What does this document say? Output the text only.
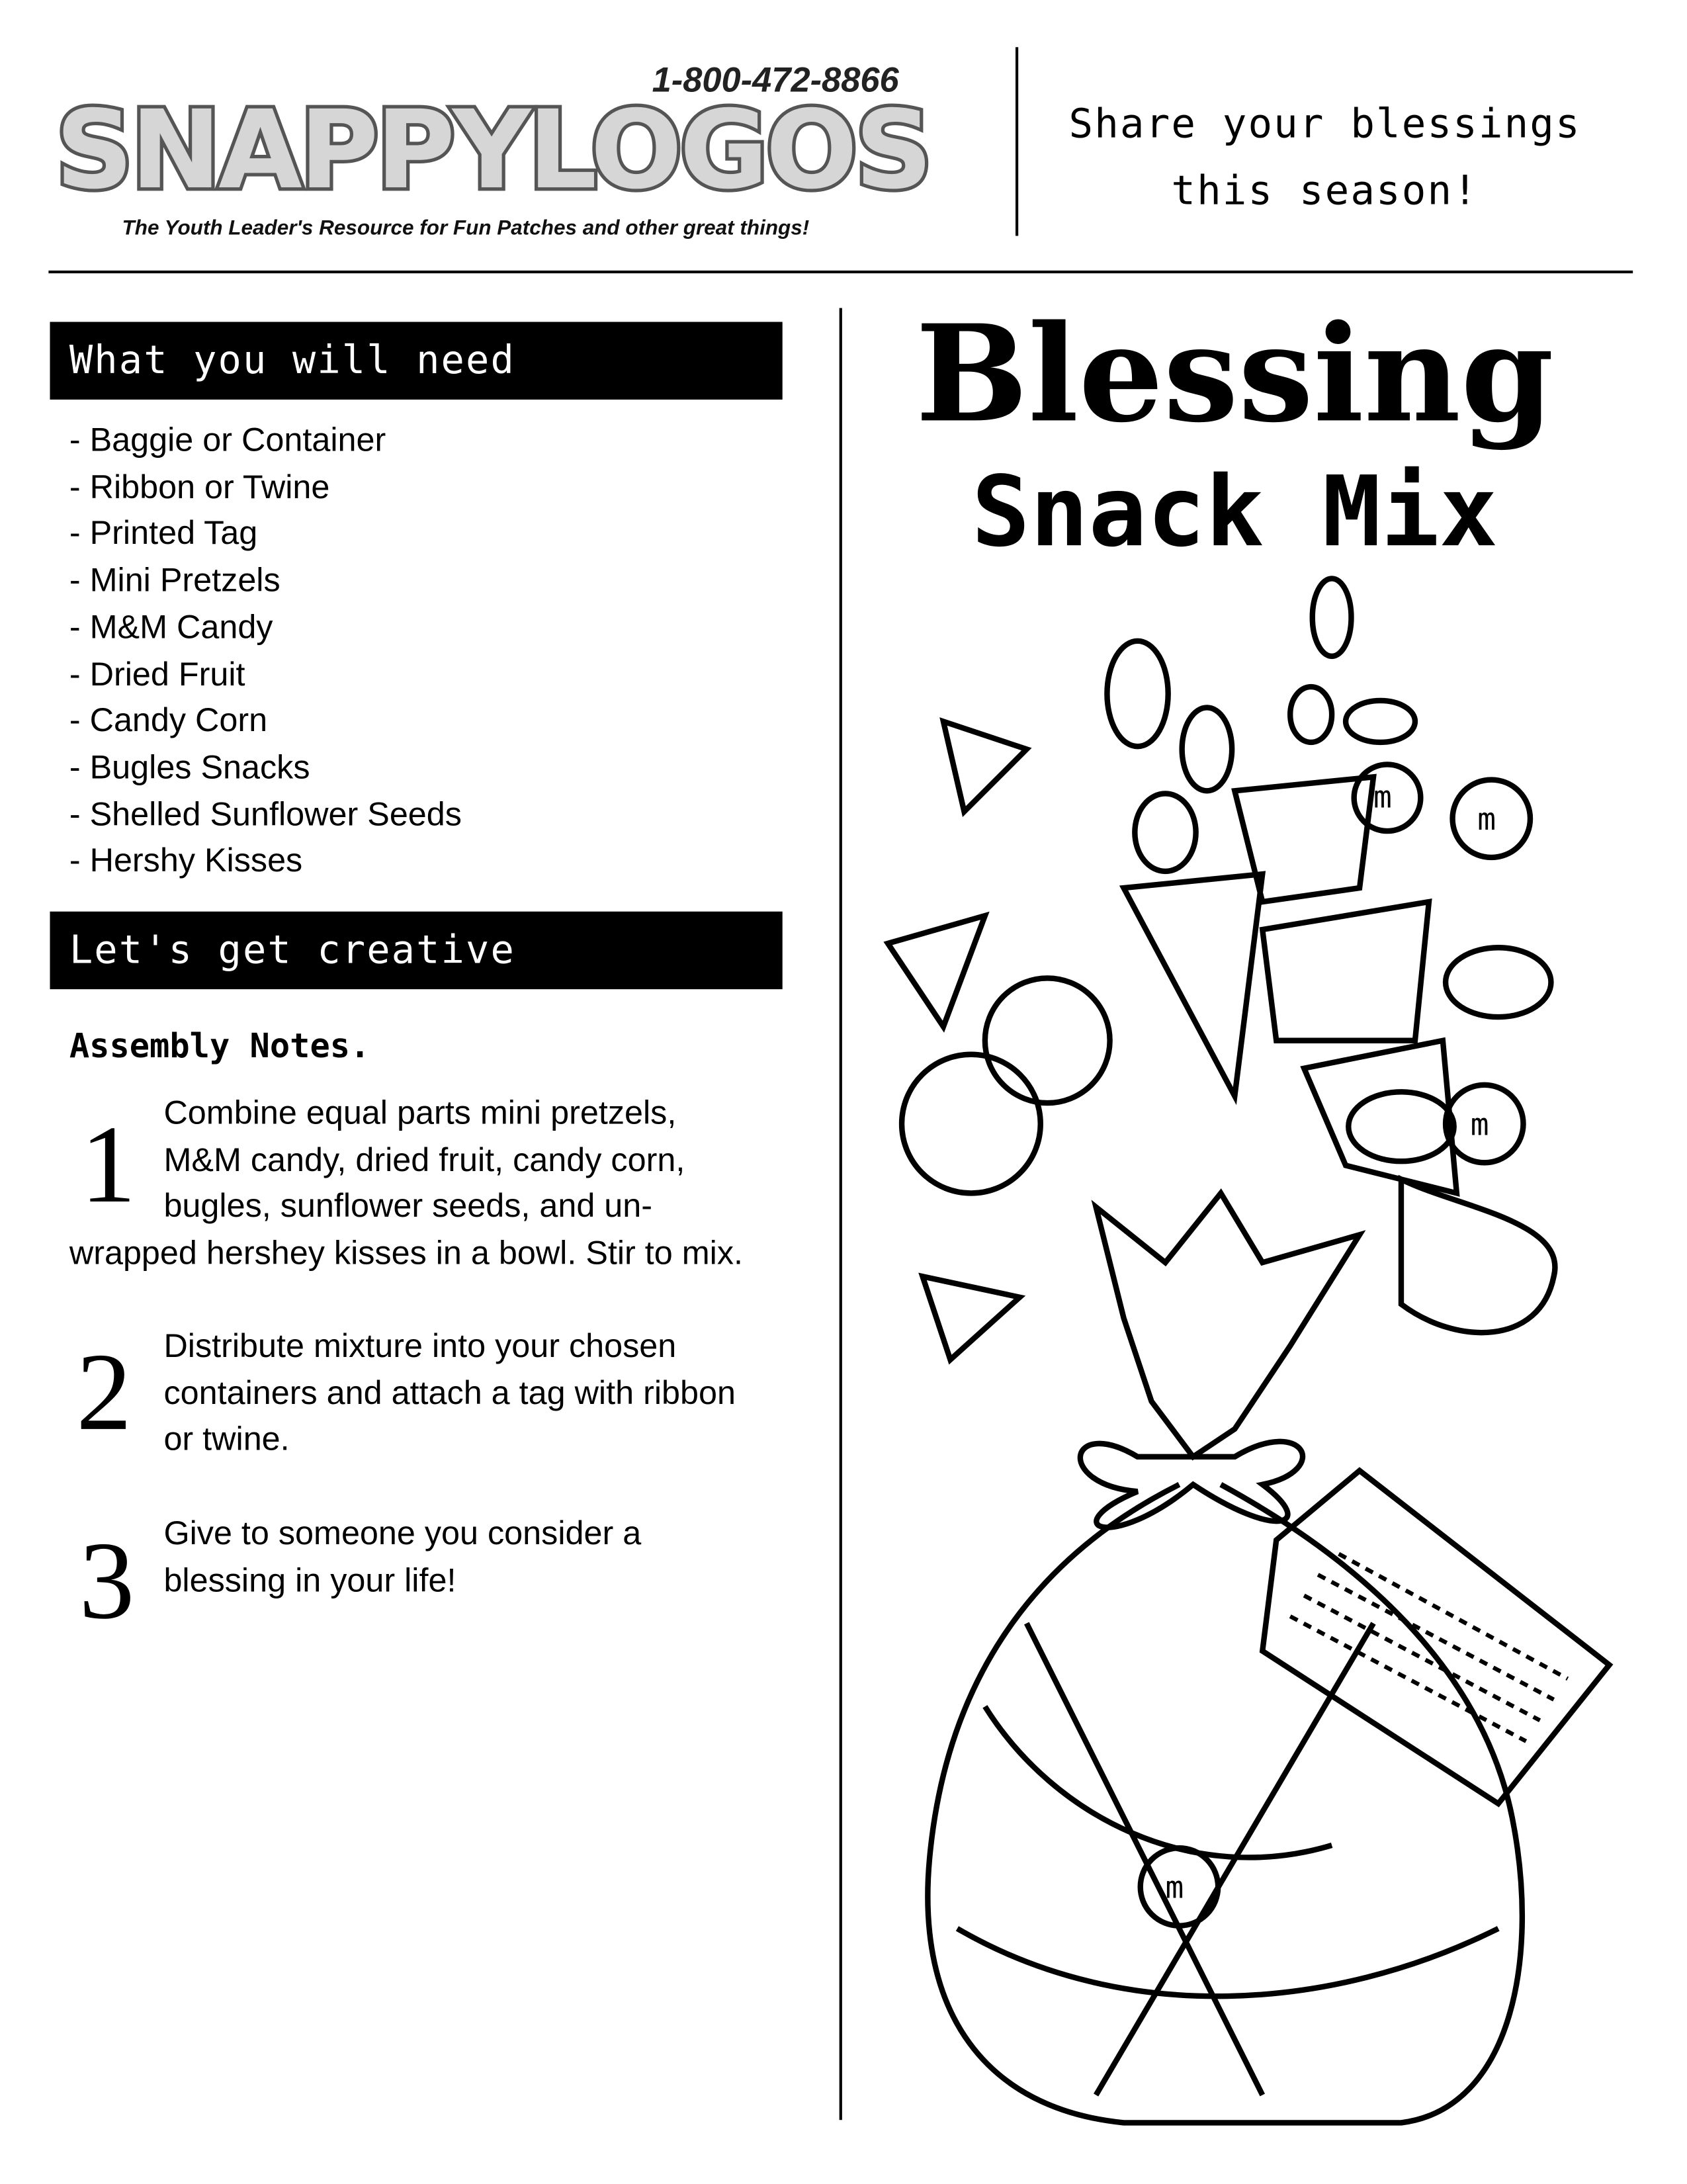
SNAPPYLOGOS
1-800-472-8866
The Youth Leader's Resource for Fun Patches and other great things!
Share your blessings
this season!
What you will need
- Baggie or Container
- Ribbon or Twine
- Printed Tag
- Mini Pretzels
- M&M Candy
- Dried Fruit
- Candy Corn
- Bugles Snacks
- Shelled Sunflower Seeds
- Hershy Kisses
Let's get creative
Assembly Notes.
1 Combine equal parts mini pretzels,
M&M candy, dried fruit, candy corn,
bugles, sunflower seeds, and un-
wrapped hershey kisses in a bowl. Stir to mix.
2 Distribute mixture into your chosen
containers and attach a tag with ribbon
or twine.
3 Give to someone you consider a
blessing in your life!
Blessing
Snack Mix
m
m
m
m
